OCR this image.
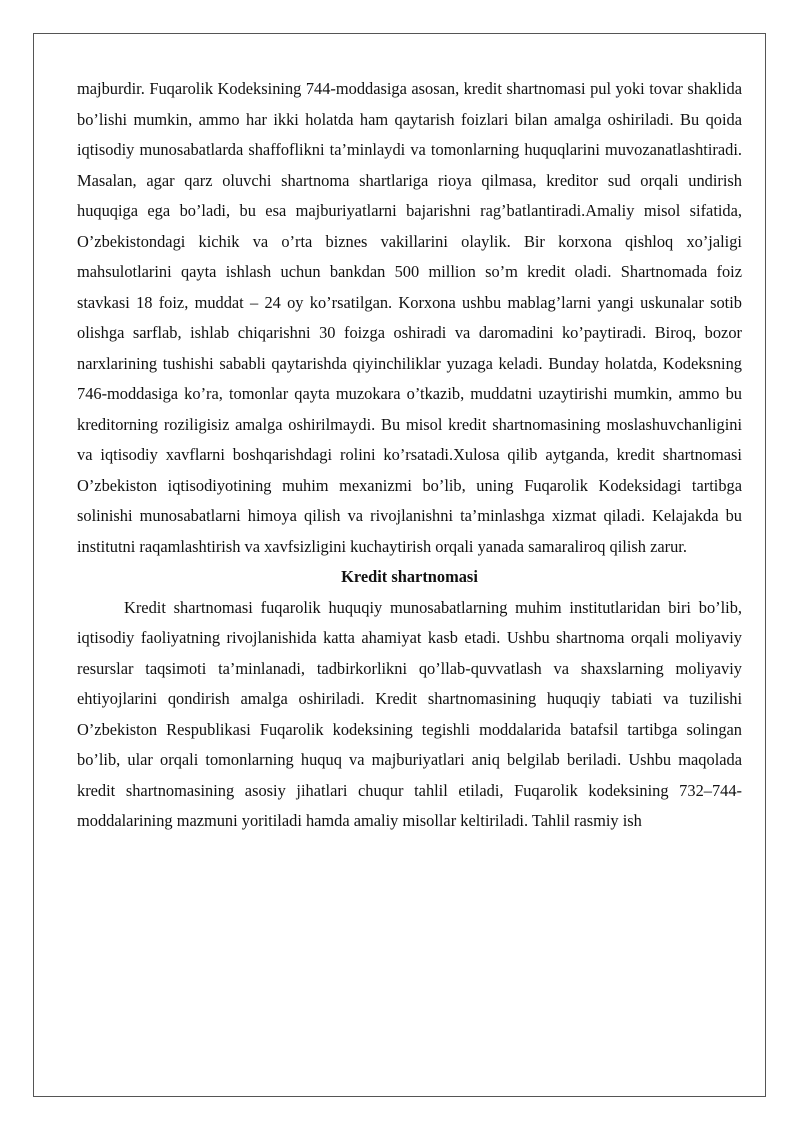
majburdir. Fuqarolik Kodeksining 744-moddasiga asosan, kredit shartnomasi pul yoki tovar shaklida bo’lishi mumkin, ammo har ikki holatda ham qaytarish foizlari bilan amalga oshiriladi. Bu qoida iqtisodiy munosabatlarda shaffoflikni ta’minlaydi va tomonlarning huquqlarini muvozanatlashtiradi. Masalan, agar qarz oluvchi shartnoma shartlariga rioya qilmasa, kreditor sud orqali undirish huquqiga ega bo’ladi, bu esa majburiyatlarni bajarishni rag’batlantiradi.Amaliy misol sifatida, O’zbekistondagi kichik va o’rta biznes vakillarini olaylik. Bir korxona qishloq xo’jaligi mahsulotlarini qayta ishlash uchun bankdan 500 million so’m kredit oladi. Shartnomada foiz stavkasi 18 foiz, muddat – 24 oy ko’rsatilgan. Korxona ushbu mablag’larni yangi uskunalar sotib olishga sarflab, ishlab chiqarishni 30 foizga oshiradi va daromadini ko’paytiradi. Biroq, bozor narxlarining tushishi sababli qaytarishda qiyinchiliklar yuzaga keladi. Bunday holatda, Kodeksning 746-moddasiga ko’ra, tomonlar qayta muzokara o’tkazib, muddatni uzaytirishi mumkin, ammo bu kreditorning roziligisiz amalga oshirilmaydi. Bu misol kredit shartnomasining moslashuvchanligini va iqtisodiy xavflarni boshqarishdagi rolini ko’rsatadi.Xulosa qilib aytganda, kredit shartnomasi O’zbekiston iqtisodiyotining muhim mexanizmi bo’lib, uning Fuqarolik Kodeksidagi tartibga solinishi munosabatlarni himoya qilish va rivojlanishni ta’minlashga xizmat qiladi. Kelajakda bu institutni raqamlashtirish va xavfsizligini kuchaytirish orqali yanada samaraliroq qilish zarur.

Kredit shartnomasi

Kredit shartnomasi fuqarolik huquqiy munosabatlarning muhim institutlaridan biri bo’lib, iqtisodiy faoliyatning rivojlanishida katta ahamiyat kasb etadi. Ushbu shartnoma orqali moliyaviy resurslar taqsimoti ta’minlanadi, tadbirkorlikni qo’llab-quvvatlash va shaxslarning moliyaviy ehtiyojlarini qondirish amalga oshiriladi. Kredit shartnomasining huquqiy tabiati va tuzilishi O’zbekiston Respublikasi Fuqarolik kodeksining tegishli moddalarida batafsil tartibga solingan bo’lib, ular orqali tomonlarning huquq va majburiyatlari aniq belgilab beriladi. Ushbu maqolada kredit shartnomasining asosiy jihatlari chuqur tahlil etiladi, Fuqarolik kodeksining 732–744-moddalarining mazmuni yoritiladi hamda amaliy misollar keltiriladi. Tahlil rasmiy ish
